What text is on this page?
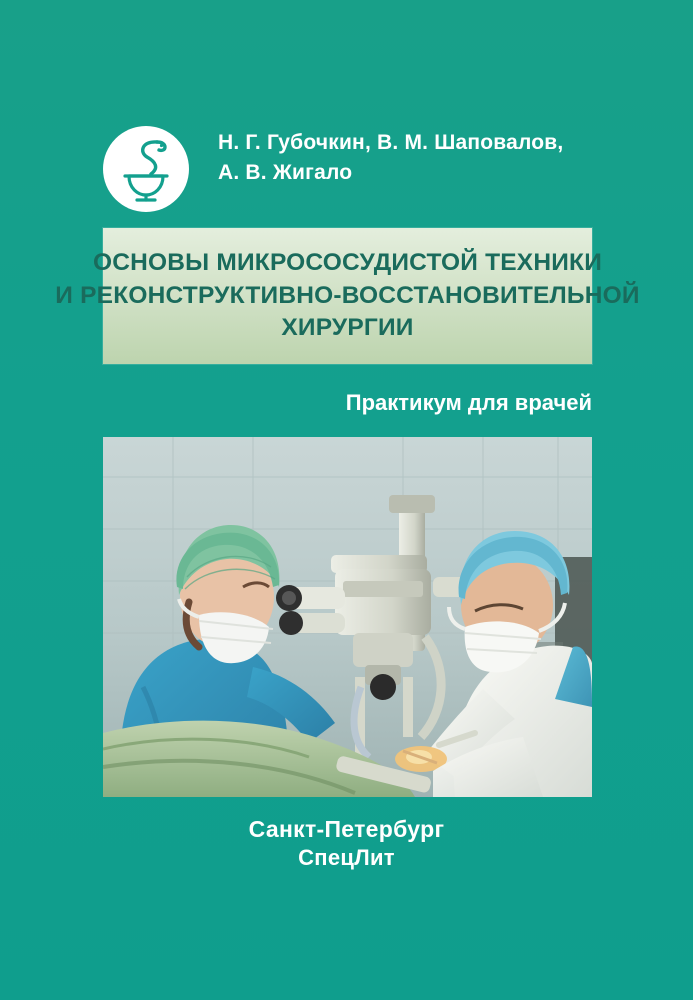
Н. Г. Губочкин, В. М. Шаповалов,
А. В. Жигало
ОСНОВЫ МИКРОСОСУДИСТОЙ ТЕХНИКИ
И РЕКОНСТРУКТИВНО-ВОССТАНОВИТЕЛЬНОЙ
ХИРУРГИИ
Практикум для врачей
Санкт-Петербург
СпецЛит
